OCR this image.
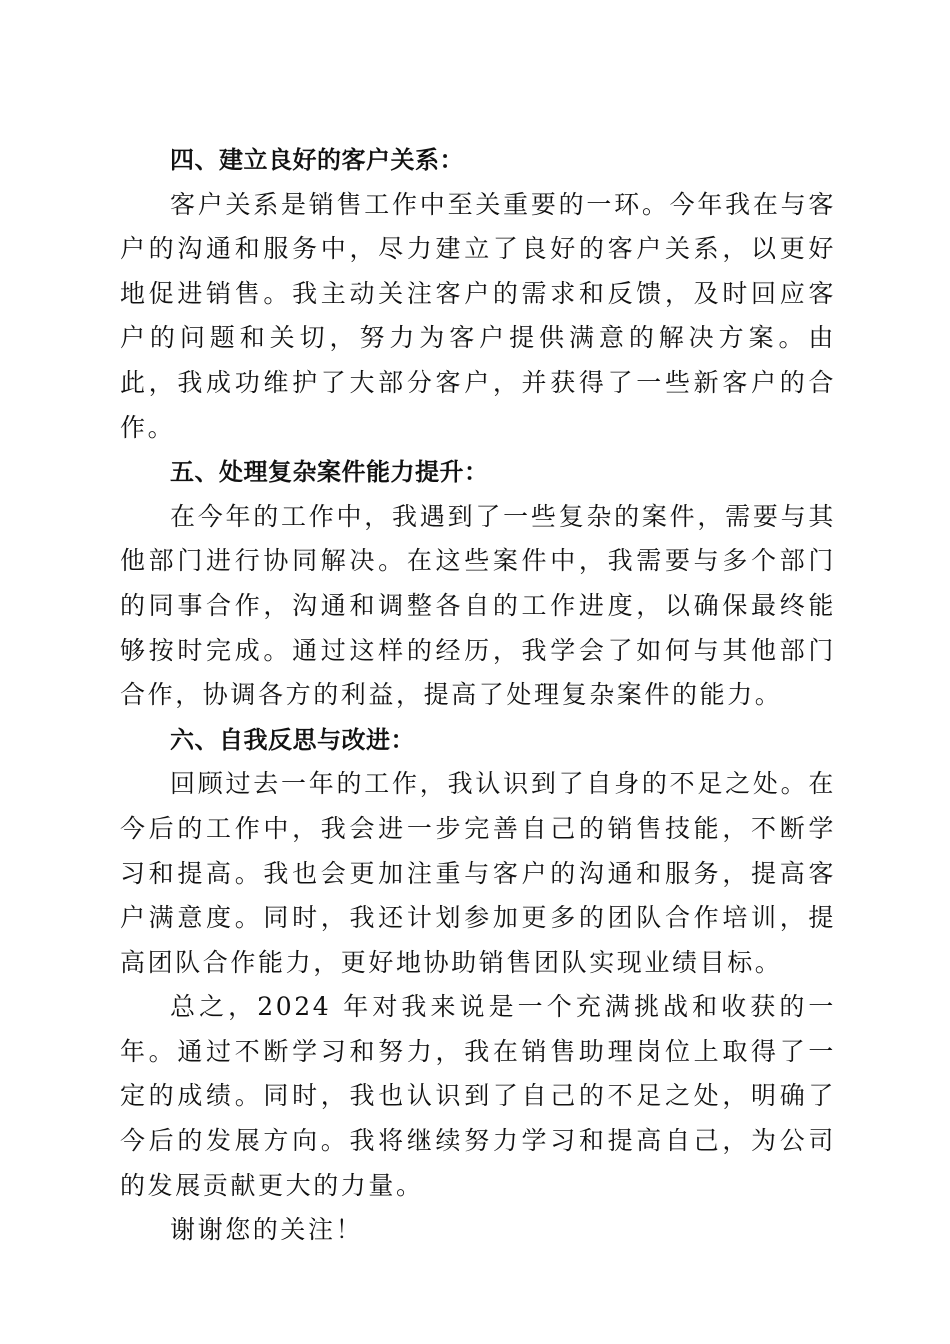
四、建立良好的客户关系：
客户关系是销售工作中至关重要的一环。今年我在与客户的沟通和服务中，尽力建立了良好的客户关系，以更好地促进销售。我主动关注客户的需求和反馈，及时回应客户的问题和关切，努力为客户提供满意的解决方案。由此，我成功维护了大部分客户，并获得了一些新客户的合作。
五、处理复杂案件能力提升：
在今年的工作中，我遇到了一些复杂的案件，需要与其他部门进行协同解决。在这些案件中，我需要与多个部门的同事合作，沟通和调整各自的工作进度，以确保最终能够按时完成。通过这样的经历，我学会了如何与其他部门合作，协调各方的利益，提高了处理复杂案件的能力。
六、自我反思与改进：
回顾过去一年的工作，我认识到了自身的不足之处。在今后的工作中，我会进一步完善自己的销售技能，不断学习和提高。我也会更加注重与客户的沟通和服务，提高客户满意度。同时，我还计划参加更多的团队合作培训，提高团队合作能力，更好地协助销售团队实现业绩目标。
总之，2024 年对我来说是一个充满挑战和收获的一年。通过不断学习和努力，我在销售助理岗位上取得了一定的成绩。同时，我也认识到了自己的不足之处，明确了今后的发展方向。我将继续努力学习和提高自己，为公司的发展贡献更大的力量。
谢谢您的关注！
